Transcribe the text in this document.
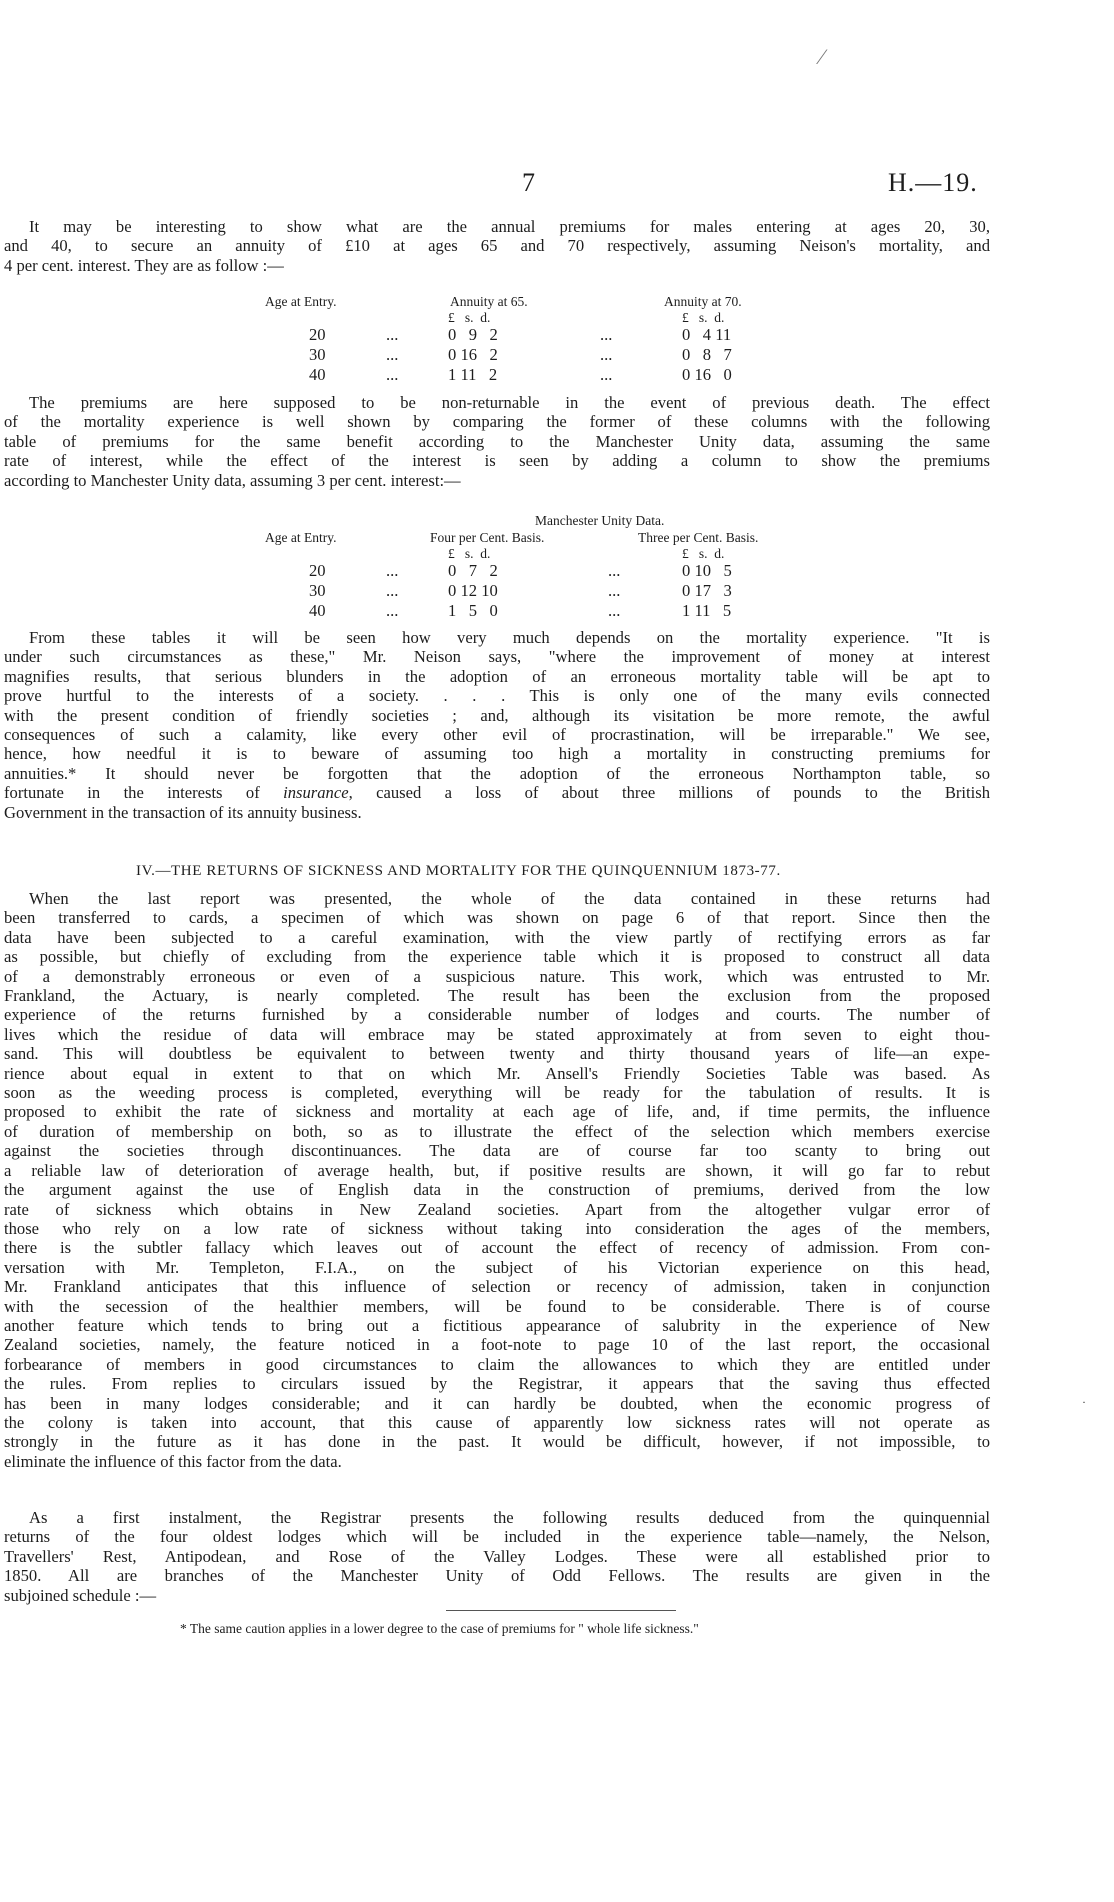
⁄
7	H.—19.
It may be interesting to show what are the annual premiums for males entering at ages 20, 30,
and 40, to secure an annuity of £10 at ages 65 and 70 respectively, assuming Neison's mortality, and
4 per cent. interest. They are as follow :—
Age at Entry.	Annuity at 65.	Annuity at 70.
£   s.  d.	£   s.  d.
20	...	0   9   2	...	0   4 11
30	...	0 16   2	...	0   8   7
40	...	1 11   2	...	0 16   0
The premiums are here supposed to be non-returnable in the event of previous death. The effect
of the mortality experience is well shown by comparing the former of these columns with the following
table of premiums for the same benefit according to the Manchester Unity data, assuming the same
rate of interest, while the effect of the interest is seen by adding a column to show the premiums
according to Manchester Unity data, assuming 3 per cent. interest:—
Manchester Unity Data.
Age at Entry.	Four per Cent. Basis.	Three per Cent. Basis.
£   s.  d.	£   s.  d.
20	...	0   7   2	...	0 10   5
30	...	0 12 10	...	0 17   3
40	...	1   5   0	...	1 11   5
From these tables it will be seen how very much depends on the mortality experience. "It is
under such circumstances as these," Mr. Neison says, "where the improvement of money at interest
magnifies results, that serious blunders in the adoption of an erroneous mortality table will be apt to
prove hurtful to the interests of a society. . . . This is only one of the many evils connected
with the present condition of friendly societies ; and, although its visitation be more remote, the awful
consequences of such a calamity, like every other evil of procrastination, will be irreparable." We see,
hence, how needful it is to beware of assuming too high a mortality in constructing premiums for
annuities.* It should never be forgotten that the adoption of the erroneous Northampton table, so
fortunate in the interests of insurance, caused a loss of about three millions of pounds to the British
Government in the transaction of its annuity business.
IV.—THE RETURNS OF SICKNESS AND MORTALITY FOR THE QUINQUENNIUM 1873-77.
When the last report was presented, the whole of the data contained in these returns had
been transferred to cards, a specimen of which was shown on page 6 of that report. Since then the
data have been subjected to a careful examination, with the view partly of rectifying errors as far
as possible, but chiefly of excluding from the experience table which it is proposed to construct all data
of a demonstrably erroneous or even of a suspicious nature. This work, which was entrusted to Mr.
Frankland, the Actuary, is nearly completed. The result has been the exclusion from the proposed
experience of the returns furnished by a considerable number of lodges and courts. The number of
lives which the residue of data will embrace may be stated approximately at from seven to eight thou-
sand. This will doubtless be equivalent to between twenty and thirty thousand years of life—an expe-
rience about equal in extent to that on which Mr. Ansell's Friendly Societies Table was based. As
soon as the weeding process is completed, everything will be ready for the tabulation of results. It is
proposed to exhibit the rate of sickness and mortality at each age of life, and, if time permits, the influence
of duration of membership on both, so as to illustrate the effect of the selection which members exercise
against the societies through discontinuances. The data are of course far too scanty to bring out
a reliable law of deterioration of average health, but, if positive results are shown, it will go far to rebut
the argument against the use of English data in the construction of premiums, derived from the low
rate of sickness which obtains in New Zealand societies. Apart from the altogether vulgar error of
those who rely on a low rate of sickness without taking into consideration the ages of the members,
there is the subtler fallacy which leaves out of account the effect of recency of admission. From con-
versation with Mr. Templeton, F.I.A., on the subject of his Victorian experience on this head,
Mr. Frankland anticipates that this influence of selection or recency of admission, taken in conjunction
with the secession of the healthier members, will be found to be considerable. There is of course
another feature which tends to bring out a fictitious appearance of salubrity in the experience of New
Zealand societies, namely, the feature noticed in a foot-note to page 10 of the last report, the occasional
forbearance of members in good circumstances to claim the allowances to which they are entitled under
the rules. From replies to circulars issued by the Registrar, it appears that the saving thus effected
has been in many lodges considerable; and it can hardly be doubted, when the economic progress of
the colony is taken into account, that this cause of apparently low sickness rates will not operate as
strongly in the future as it has done in the past. It would be difficult, however, if not impossible, to
eliminate the influence of this factor from the data.
As a first instalment, the Registrar presents the following results deduced from the quinquennial
returns of the four oldest lodges which will be included in the experience table—namely, the Nelson,
Travellers' Rest, Antipodean, and Rose of the Valley Lodges. These were all established prior to
1850. All are branches of the Manchester Unity of Odd Fellows. The results are given in the
subjoined schedule :—
* The same caution applies in a lower degree to the case of premiums for " whole life sickness."
·
